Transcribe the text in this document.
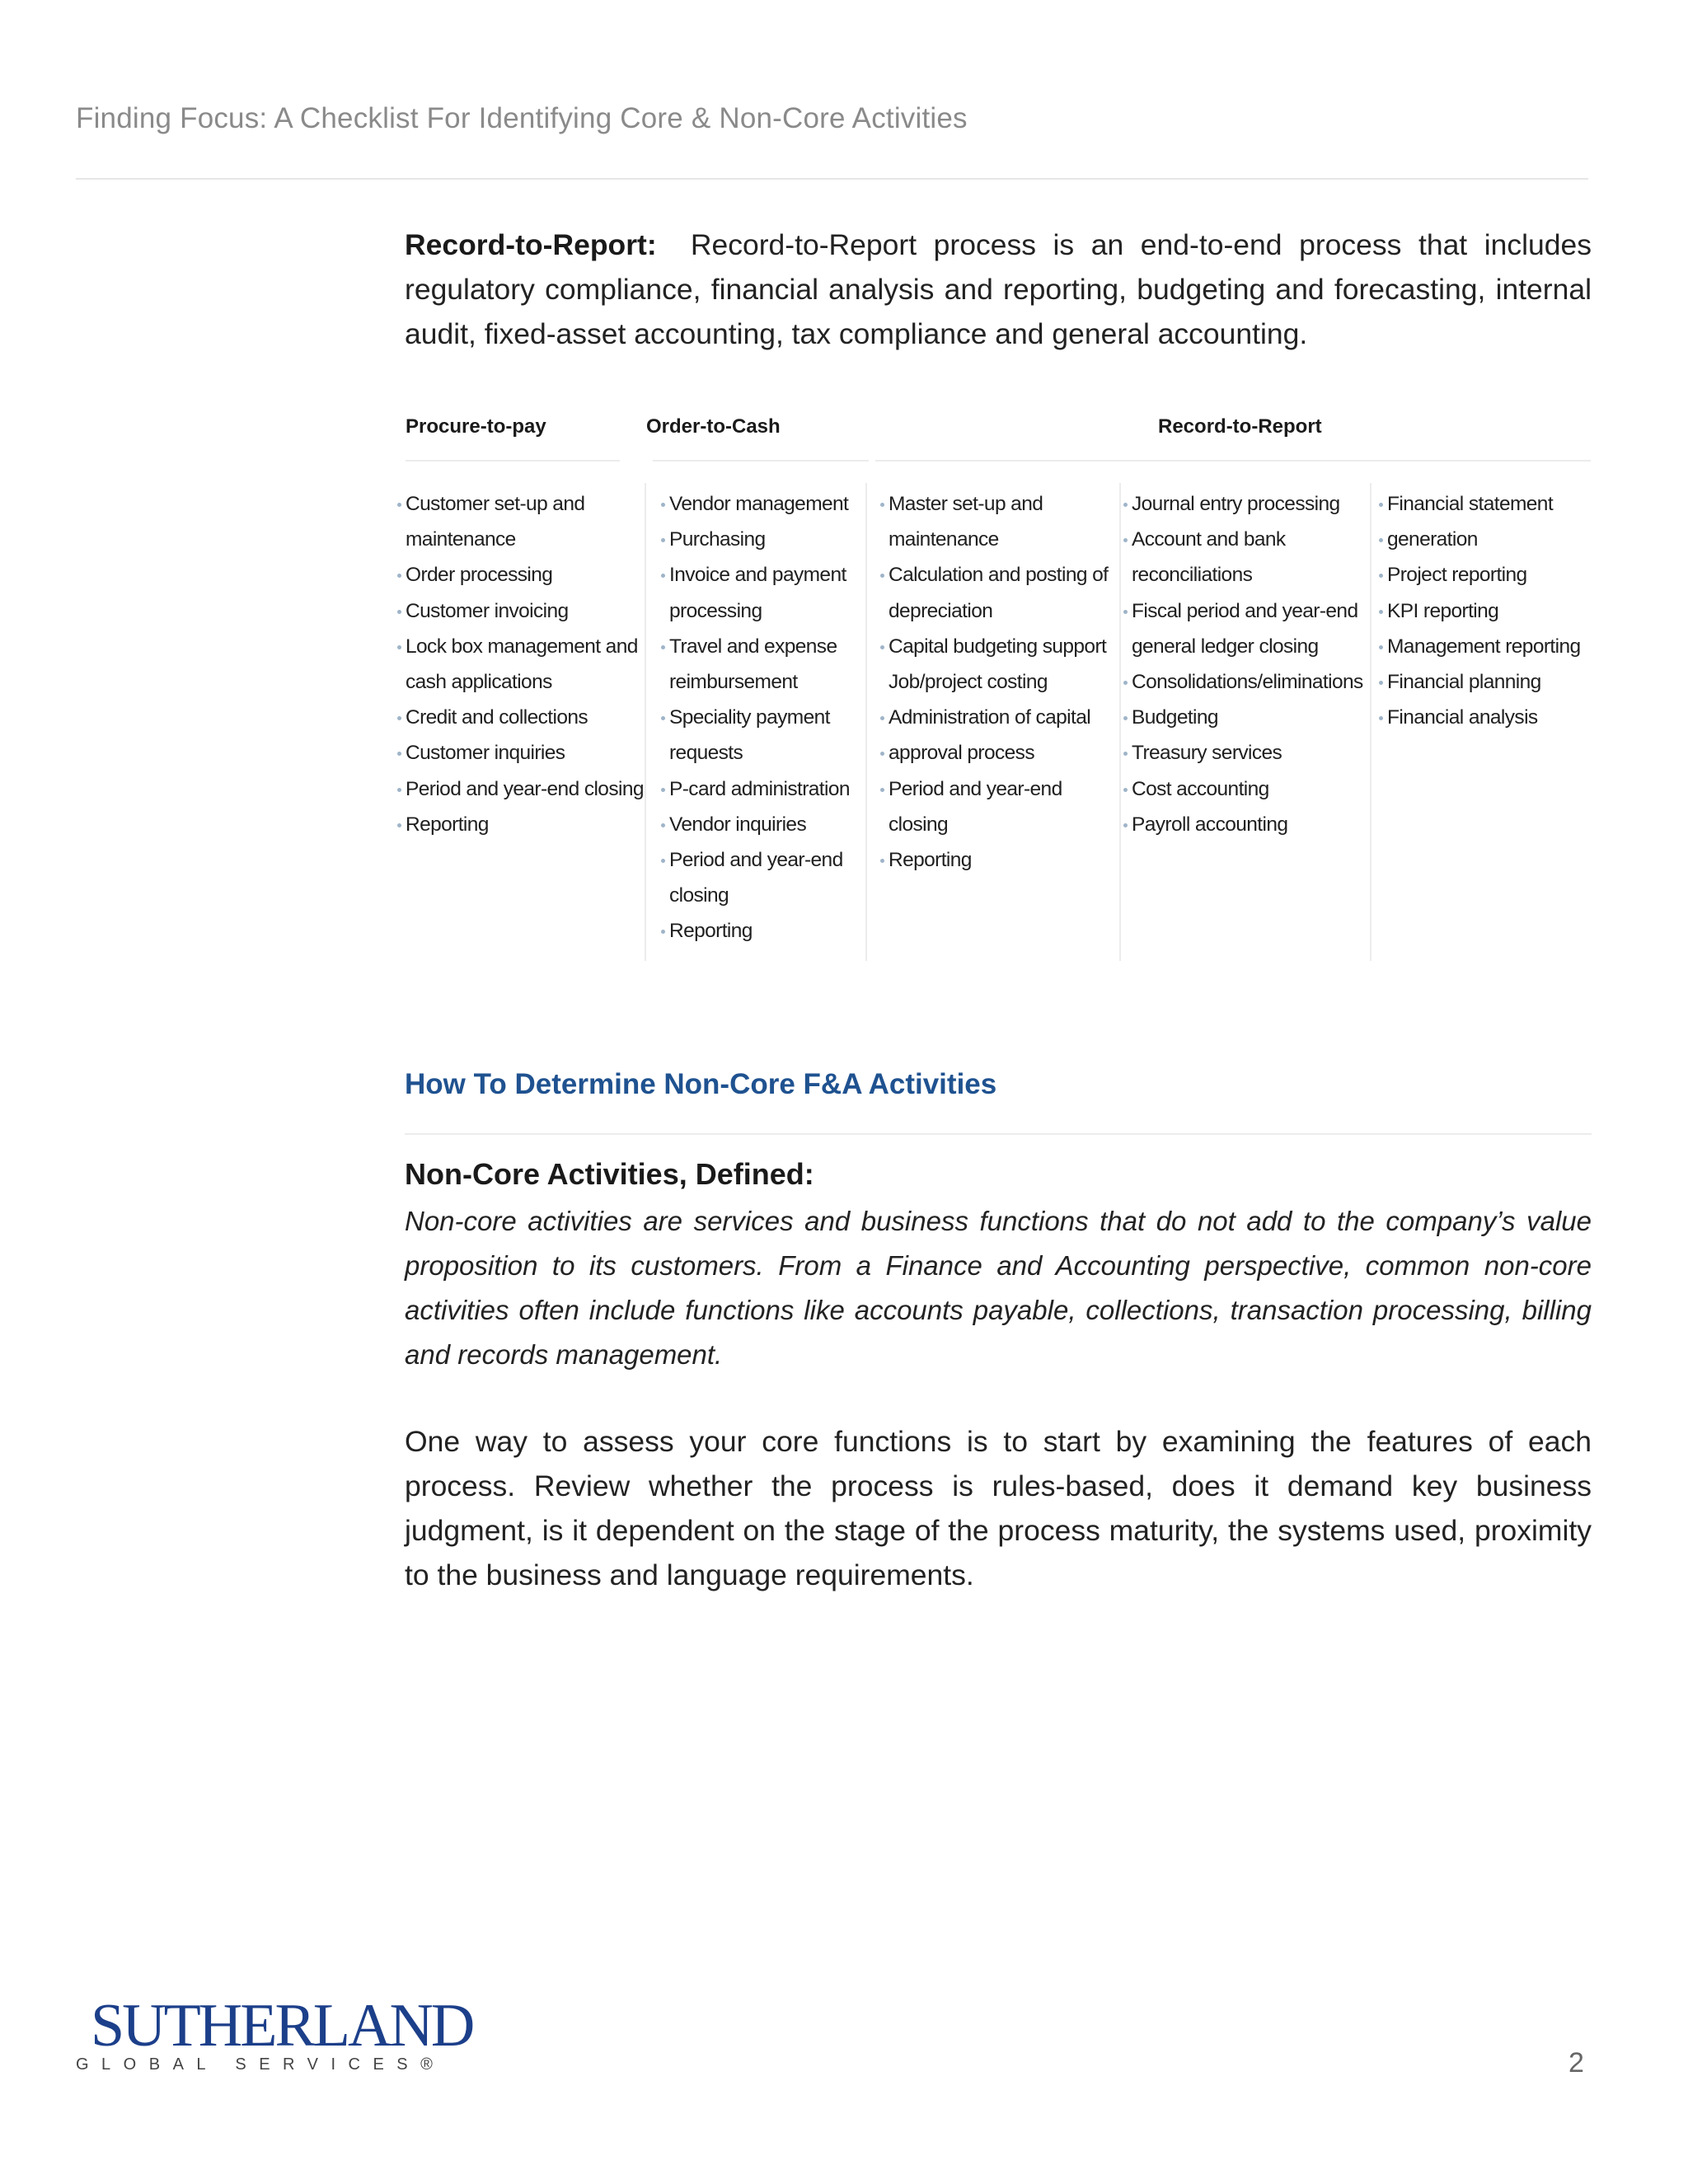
Finding Focus: A Checklist For Identifying Core & Non-Core Activities

Record-to-Report: Record-to-Report process is an end-to-end process that includes regulatory compliance, financial analysis and reporting, budgeting and forecasting, internal audit, fixed-asset accounting, tax compliance and general accounting.

Procure-to-pay	Order-to-Cash	Record-to-Report
Customer set-up and
maintenance
Order processing
Customer invoicing
Lock box management and
cash applications
Credit and collections
Customer inquiries
Period and year-end closing
Reporting
Vendor management
Purchasing
Invoice and payment
processing
Travel and expense
reimbursement
Speciality payment
requests
P-card administration
Vendor inquiries
Period and year-end
closing
Reporting
Master set-up and
maintenance
Calculation and posting of
depreciation
Capital budgeting support
Job/project costing
Administration of capital
approval process
Period and year-end
closing
Reporting
Journal entry processing
Account and bank
reconciliations
Fiscal period and year-end
general ledger closing
Consolidations/eliminations
Budgeting
Treasury services
Cost accounting
Payroll accounting
Financial statement
generation
Project reporting
KPI reporting
Management reporting
Financial planning
Financial analysis
How To Determine Non-Core F&A Activities
Non-Core Activities, Defined:

Non-core activities are services and business functions that do not add to the company’s value proposition to its customers. From a Finance and Accounting perspective, common non-core activities often include functions like accounts payable, collections, transaction processing, billing and records management.

One way to assess your core functions is to start by examining the features of each process. Review whether the process is rules-based, does it demand key business judgment, is it dependent on the stage of the process maturity, the systems used, proximity to the business and language requirements.

SUTHERLAND
GLOBAL SERVICES®	2
